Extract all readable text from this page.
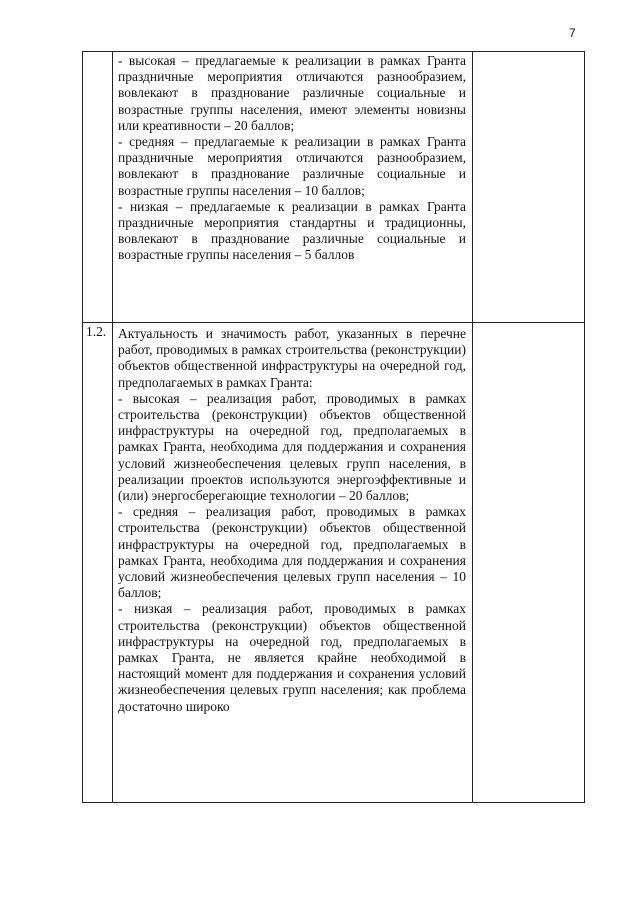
7

	- высокая – предлагаемые к реализации в рамках Гранта праздничные мероприятия отличаются разнообразием, вовлекают в празднование различные социальные и возрастные группы населения, имеют элементы новизны или креативности – 20 баллов;

- средняя – предлагаемые к реализации в рамках Гранта праздничные мероприятия отличаются разнообразием, вовлекают в празднование различные социальные и возрастные группы населения – 10 баллов;

- низкая – предлагаемые к реализации в рамках Гранта праздничные мероприятия стандартны и традиционны, вовлекают в празднование различные социальные и возрастные группы населения – 5 баллов	

1.2.	Актуальность и значимость работ, указанных в перечне работ, проводимых в рамках строительства (реконструкции) объектов общественной инфраструктуры на очередной год, предполагаемых в рамках Гранта:

- высокая – реализация работ, проводимых в рамках строительства (реконструкции) объектов общественной инфраструктуры на очередной год, предполагаемых в рамках Гранта, необходима для поддержания и сохранения условий жизнеобеспечения целевых групп населения, в реализации проектов используются энергоэффективные и (или) энергосберегающие технологии – 20 баллов;

- средняя – реализация работ, проводимых в рамках строительства (реконструкции) объектов общественной инфраструктуры на очередной год, предполагаемых в рамках Гранта, необходима для поддержания и сохранения условий жизнеобеспечения целевых групп населения – 10 баллов;

- низкая – реализация работ, проводимых в рамках строительства (реконструкции) объектов общественной инфраструктуры на очередной год, предполагаемых в рамках Гранта, не является крайне необходимой в настоящий момент для поддержания и сохранения условий жизнеобеспечения целевых групп населения; как проблема достаточно широко	
